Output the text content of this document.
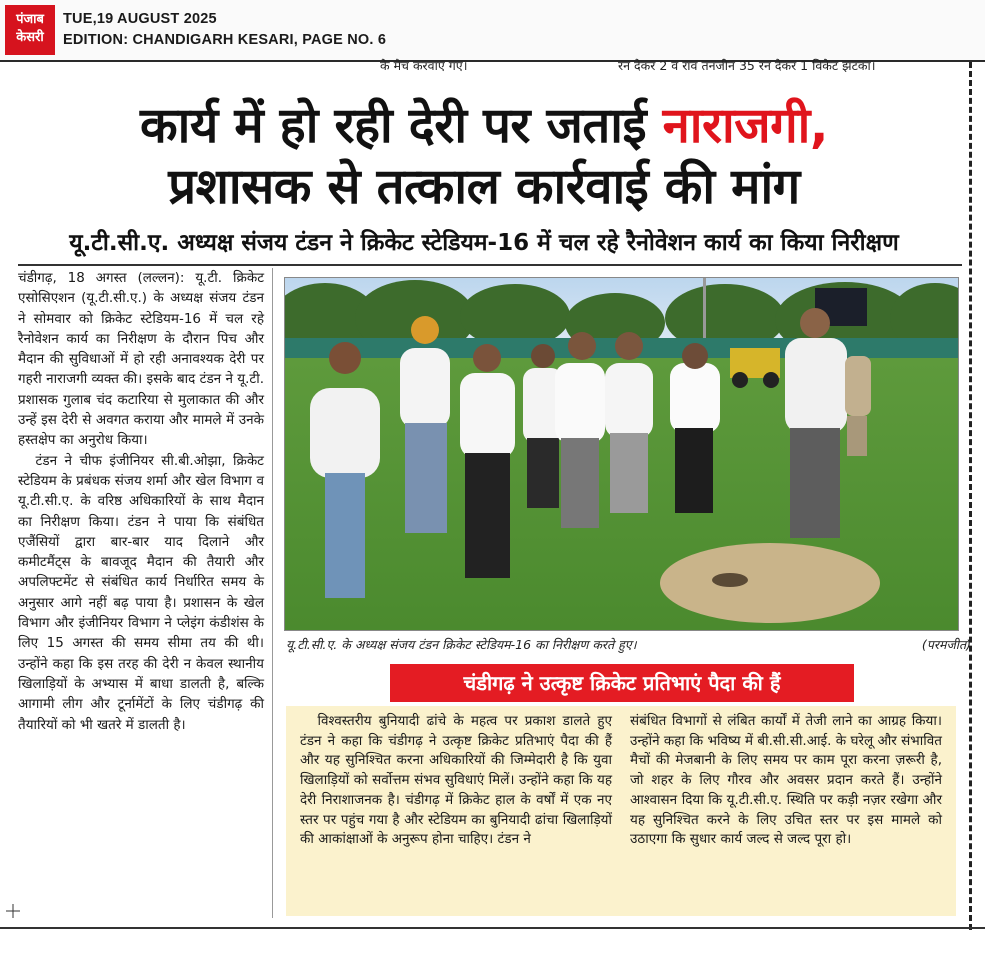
पंजाब
केसरी
TUE,19 AUGUST 2025
EDITION: CHANDIGARH KESARI, PAGE NO. 6
के मैच करवाए गए।	रन देकर 2 व राव तनजीन 35 रन देकर 1 विकेट झटका।
कार्य में हो रही देरी पर जताई नाराजगी,
प्रशासक से तत्काल कार्रवाई की मांग
यू.टी.सी.ए. अध्यक्ष संजय टंडन ने क्रिकेट स्टेडियम-16 में चल रहे रैनोवेशन कार्य का किया निरीक्षण

चंडीगढ़, 18 अगस्त (लल्लन): यू.टी. क्रिकेट एसोसिएशन (यू.टी.सी.ए.) के अध्यक्ष संजय टंडन ने सोमवार को क्रिकेट स्टेडियम-16 में चल रहे रैनोवेशन कार्य का निरीक्षण के दौरान पिच और मैदान की सुविधाओं में हो रही अनावश्यक देरी पर गहरी नाराजगी व्यक्त की। इसके बाद टंडन ने यू.टी. प्रशासक गुलाब चंद कटारिया से मुलाकात की और उन्हें इस देरी से अवगत कराया और मामले में उनके हस्तक्षेप का अनुरोध किया।

टंडन ने चीफ इंजीनियर सी.बी.ओझा, क्रिकेट स्टेडियम के प्रबंधक संजय शर्मा और खेल विभाग व यू.टी.सी.ए. के वरिष्ठ अधिकारियों के साथ मैदान का निरीक्षण किया। टंडन ने पाया कि संबंधित एजैंसियों द्वारा बार-बार याद दिलाने और कमीटमैंट्स के बावजूद मैदान की तैयारी और अपलिफ्टमेंट से संबंधित कार्य निर्धारित समय के अनुसार आगे नहीं बढ़ पाया है। प्रशासन के खेल विभाग और इंजीनियर विभाग ने प्लेइंग कंडीशंस के लिए 15 अगस्त की समय सीमा तय की थी। उन्होंने कहा कि इस तरह की देरी न केवल स्थानीय खिलाड़ियों के अभ्यास में बाधा डालती है, बल्कि आगामी लीग और टूर्नामेंटों के लिए चंडीगढ़ की तैयारियों को भी खतरे में डालती है।

यू.टी.सी.ए. के अध्यक्ष संजय टंडन क्रिकेट स्टेडियम-16 का निरीक्षण करते हुए।	(परमजीत)
चंडीगढ़ ने उत्कृष्ट क्रिकेट प्रतिभाएं पैदा की हैं

विश्वस्तरीय बुनियादी ढांचे के महत्व पर प्रकाश डालते हुए टंडन ने कहा कि चंडीगढ़ ने उत्कृष्ट क्रिकेट प्रतिभाएं पैदा की हैं और यह सुनिश्चित करना अधिकारियों की जिम्मेदारी है कि युवा खिलाड़ियों को सर्वोत्तम संभव सुविधाएं मिलें। उन्होंने कहा कि यह देरी निराशाजनक है। चंडीगढ़ में क्रिकेट हाल के वर्षों में एक नए स्तर पर पहुंच गया है और स्टेडियम का बुनियादी ढांचा खिलाड़ियों की आकांक्षाओं के अनुरूप होना चाहिए। टंडन ने

संबंधित विभागों से लंबित कार्यों में तेजी लाने का आग्रह किया। उन्होंने कहा कि भविष्य में बी.सी.सी.आई. के घरेलू और संभावित मैचों की मेजबानी के लिए समय पर काम पूरा करना ज़रूरी है, जो शहर के लिए गौरव और अवसर प्रदान करते हैं। उन्होंने आश्वासन दिया कि यू.टी.सी.ए. स्थिति पर कड़ी नज़र रखेगा और यह सुनिश्चित करने के लिए उचित स्तर पर इस मामले को उठाएगा कि सुधार कार्य जल्द से जल्द पूरा हो।
